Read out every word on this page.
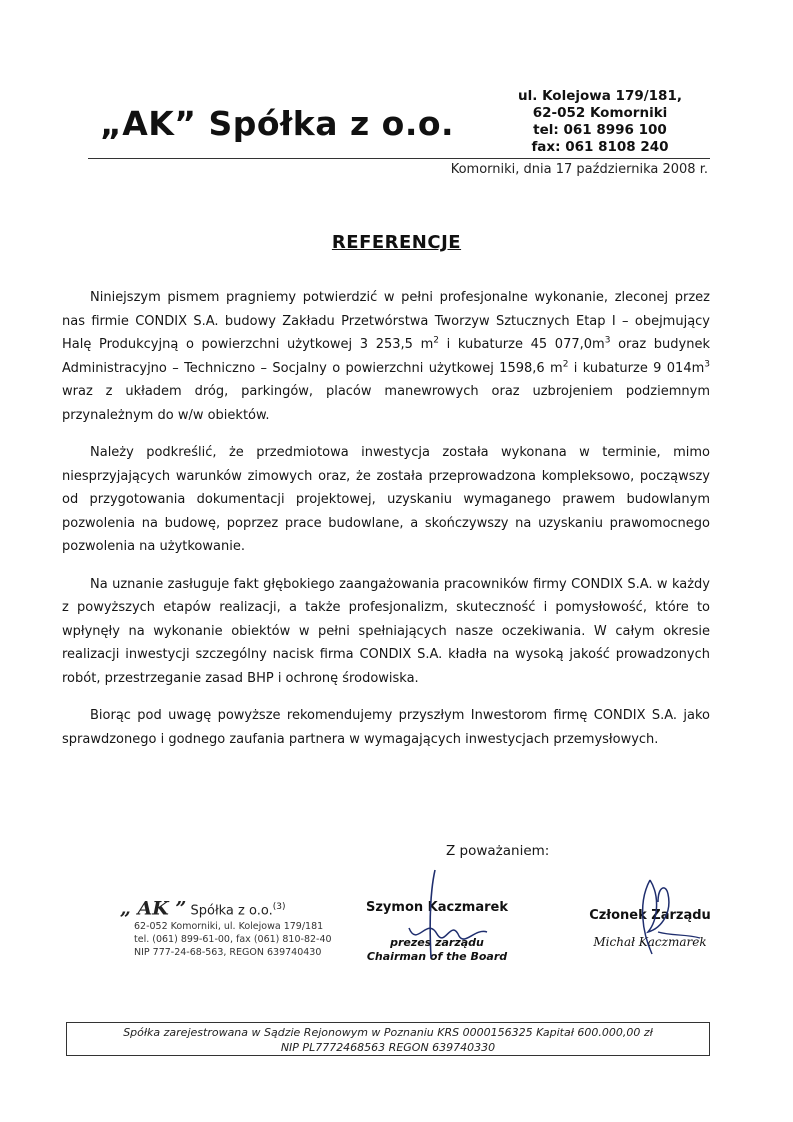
„AK” Spółka z o.o.
ul. Kolejowa 179/181,
62-052 Komorniki
tel: 061 8996 100
fax: 061 8108 240
Komorniki, dnia 17 października 2008 r.
REFERENCJE

Niniejszym pismem pragniemy potwierdzić w pełni profesjonalne wykonanie, zleconej przez nas firmie CONDIX S.A. budowy Zakładu Przetwórstwa Tworzyw Sztucznych Etap I – obejmujący Halę Produkcyjną o powierzchni użytkowej 3 253,5 $m^2$ i kubaturze 45 $077,0m^3$ oraz budynek Administracyjno – Techniczno – Socjalny o powierzchni użytkowej 1598,6 $m^2$ i kubaturze 9 $014m^3$ wraz z układem dróg, parkingów, placów manewrowych oraz uzbrojeniem podziemnym przynależnym do w/w obiektów.

Należy podkreślić, że przedmiotowa inwestycja została wykonana w terminie, mimo niesprzyjających warunków zimowych oraz, że została przeprowadzona kompleksowo, począwszy od przygotowania dokumentacji projektowej, uzyskaniu wymaganego prawem budowlanym pozwolenia na budowę, poprzez prace budowlane, a skończywszy na uzyskaniu prawomocnego pozwolenia na użytkowanie.

Na uznanie zasługuje fakt głębokiego zaangażowania pracowników firmy CONDIX S.A. w każdy z powyższych etapów realizacji, a także profesjonalizm, skuteczność i pomysłowość, które to wpłynęły na wykonanie obiektów w pełni spełniających nasze oczekiwania. W całym okresie realizacji inwestycji szczególny nacisk firma CONDIX S.A. kładła na wysoką jakość prowadzonych robót, przestrzeganie zasad BHP i ochronę środowiska.

Biorąc pod uwagę powyższe rekomendujemy przyszłym Inwestorom firmę CONDIX S.A. jako sprawdzonego i godnego zaufania partnera w wymagających inwestycjach przemysłowych.

Z poważaniem:
„ AK ” Spółka z o.o.$^{(3)}$
62-052 Komorniki, ul. Kolejowa 179/181
tel. (061) 899-61-00, fax (061) 810-82-40
NIP 777-24-68-563, REGON 639740430
Szymon Kaczmarek
prezes zarządu
Chairman of the Board
Członek Zarządu
Michał Kaczmarek
Spółka zarejestrowana w Sądzie Rejonowym w Poznaniu KRS 0000156325 Kapitał 600.000,00 zł
NIP PL7772468563 REGON 639740330
